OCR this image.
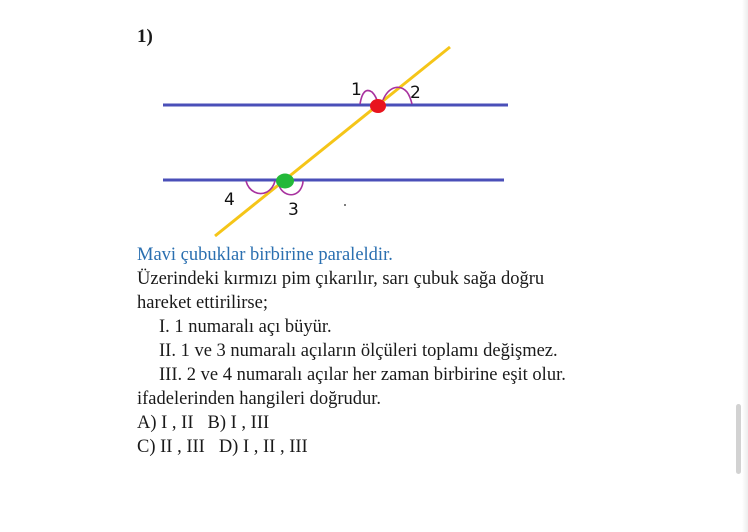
1)
1	2
4	3
Mavi çubuklar birbirine paraleldir.
Üzerindeki kırmızı pim çıkarılır, sarı çubuk sağa doğru
hareket ettirilirse;
I. 1 numaralı açı büyür.
II. 1 ve 3 numaralı açıların ölçüleri toplamı değişmez.
III. 2 ve 4 numaralı açılar her zaman birbirine eşit olur.
ifadelerinden hangileri doğrudur.
A) I , II B) I , III
C) II , III D) I , II , III
